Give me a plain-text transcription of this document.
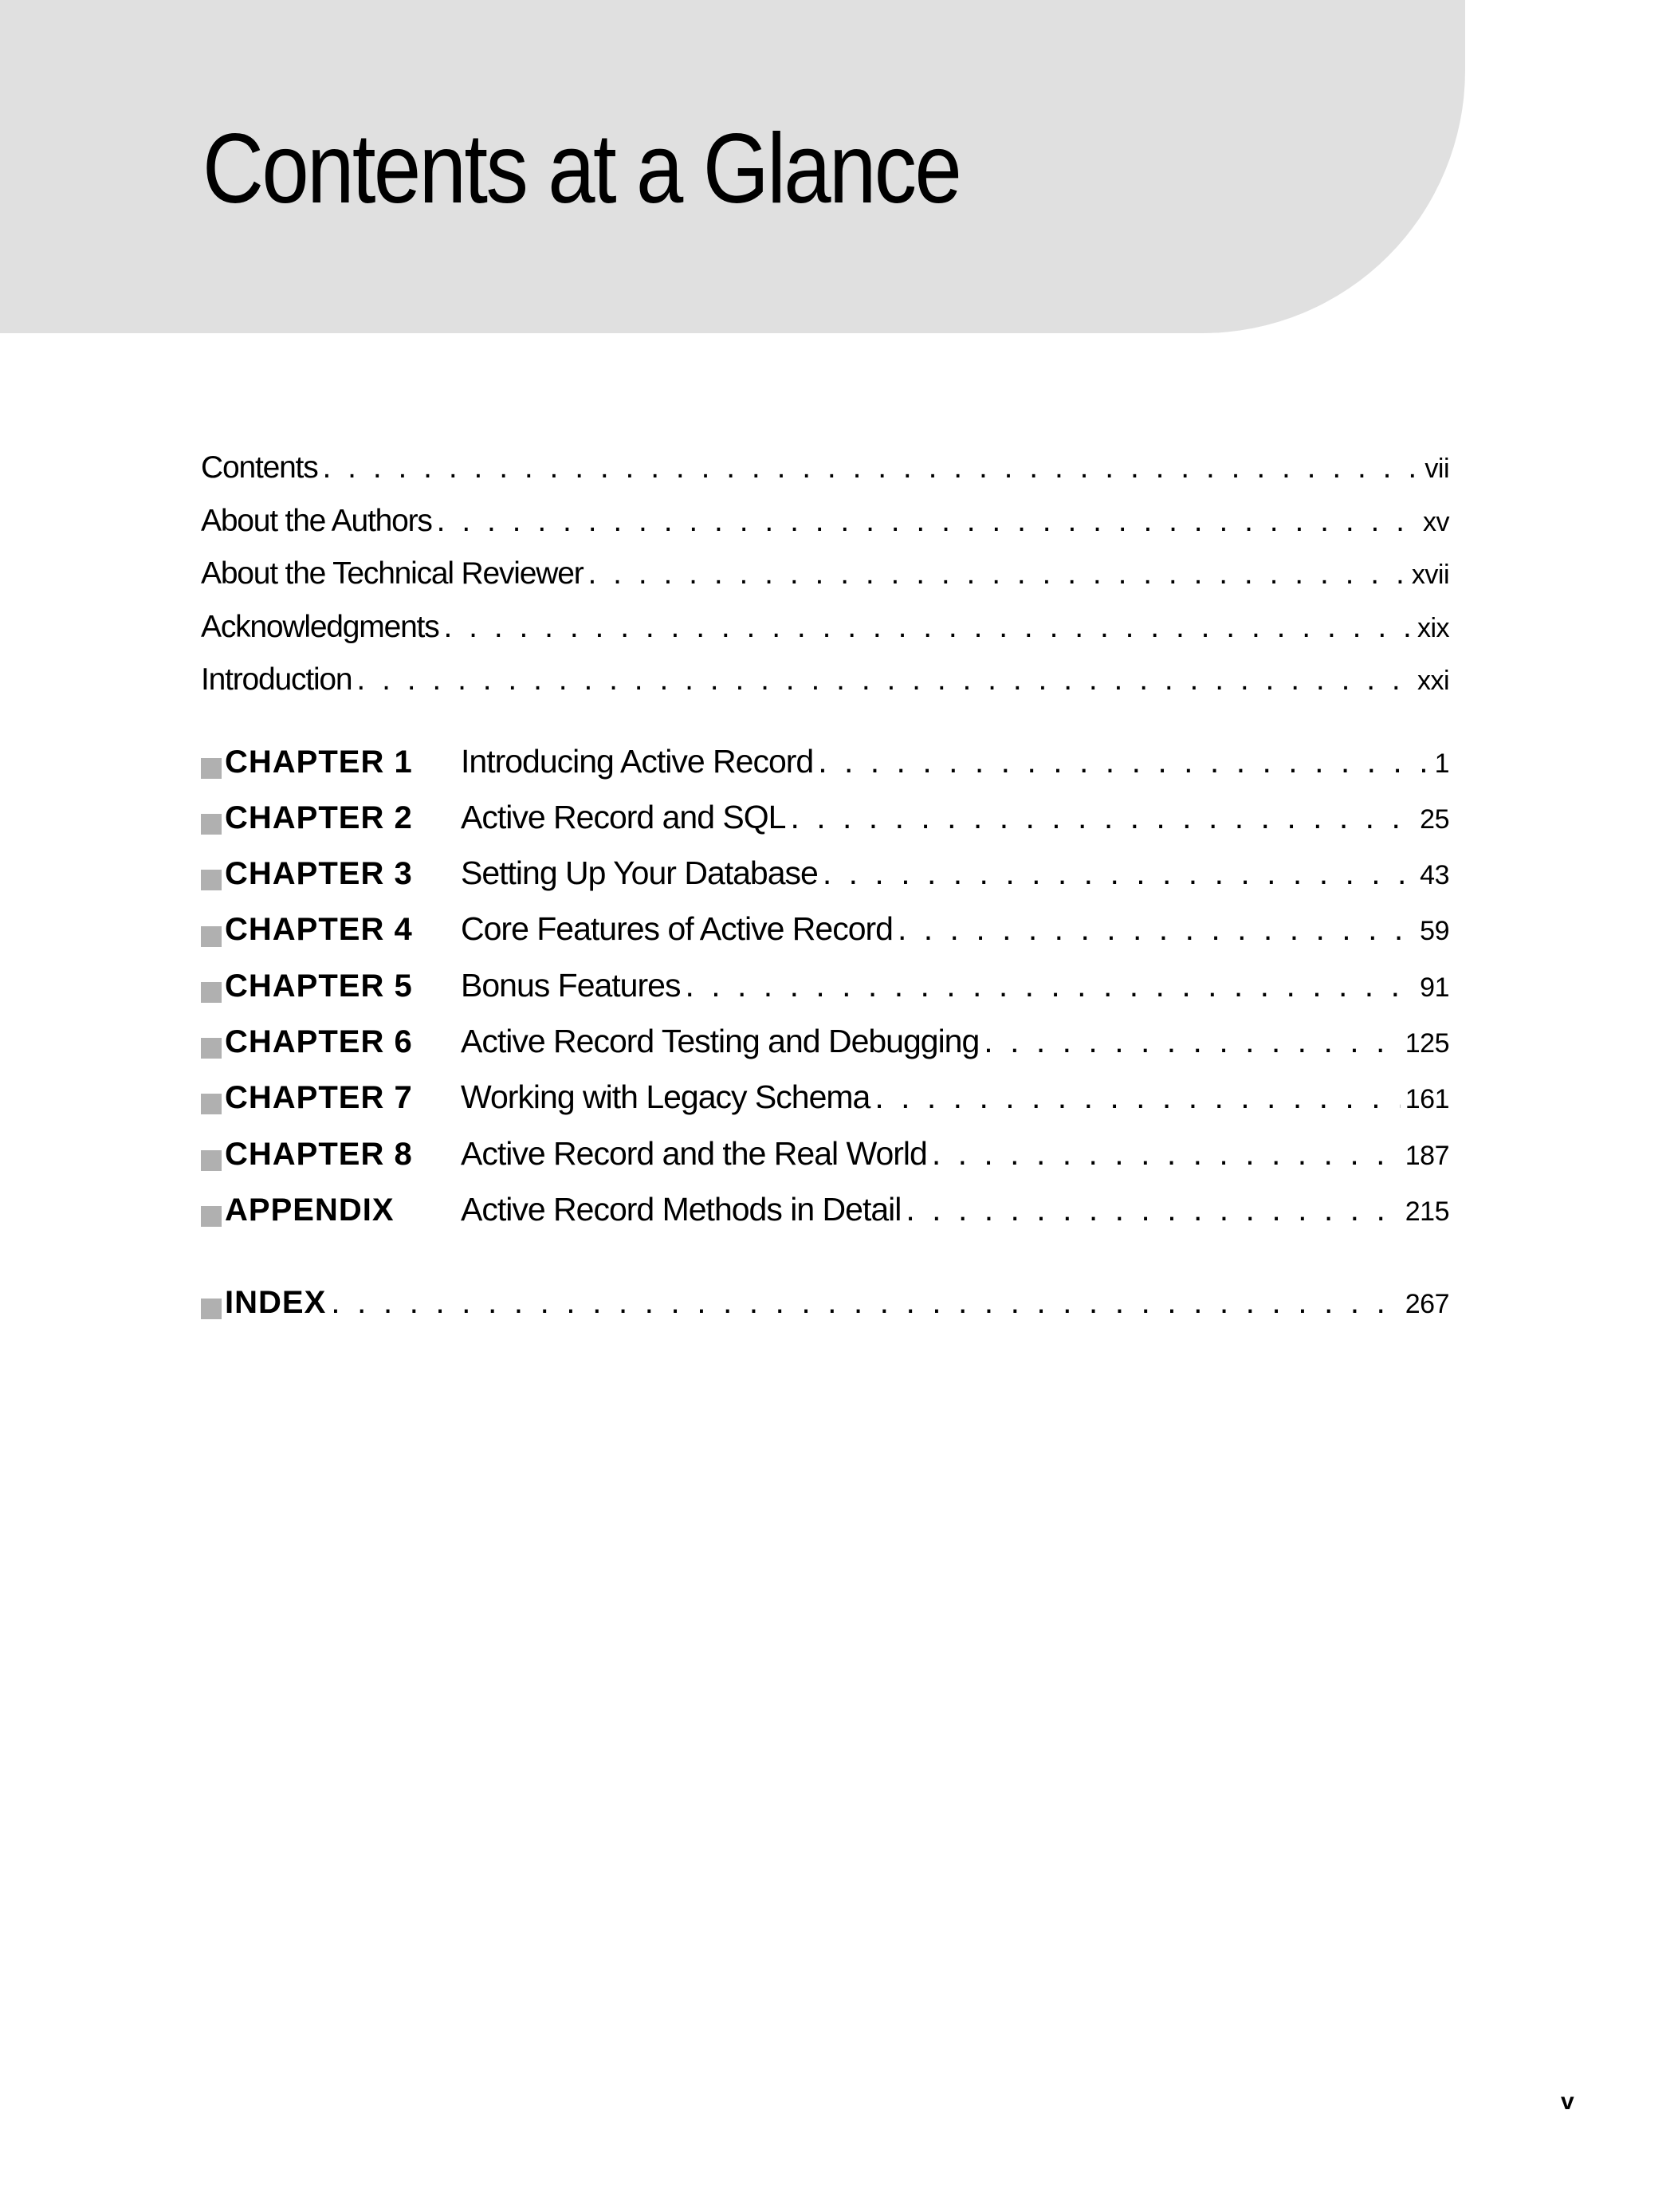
Contents at a Glance
Contents . . .	vii
About the Authors . . .	xv
About the Technical Reviewer . . .	xvii
Acknowledgments . . .	xix
Introduction . . .	xxi
CHAPTER 1	Introducing Active Record . . .	1
CHAPTER 2	Active Record and SQL . . .	25
CHAPTER 3	Setting Up Your Database . . .	43
CHAPTER 4	Core Features of Active Record . . .	59
CHAPTER 5	Bonus Features . . .	91
CHAPTER 6	Active Record Testing and Debugging . . .	125
CHAPTER 7	Working with Legacy Schema . . .	161
CHAPTER 8	Active Record and the Real World . . .	187
APPENDIX	Active Record Methods in Detail . . .	215
INDEX . . .	267
v
